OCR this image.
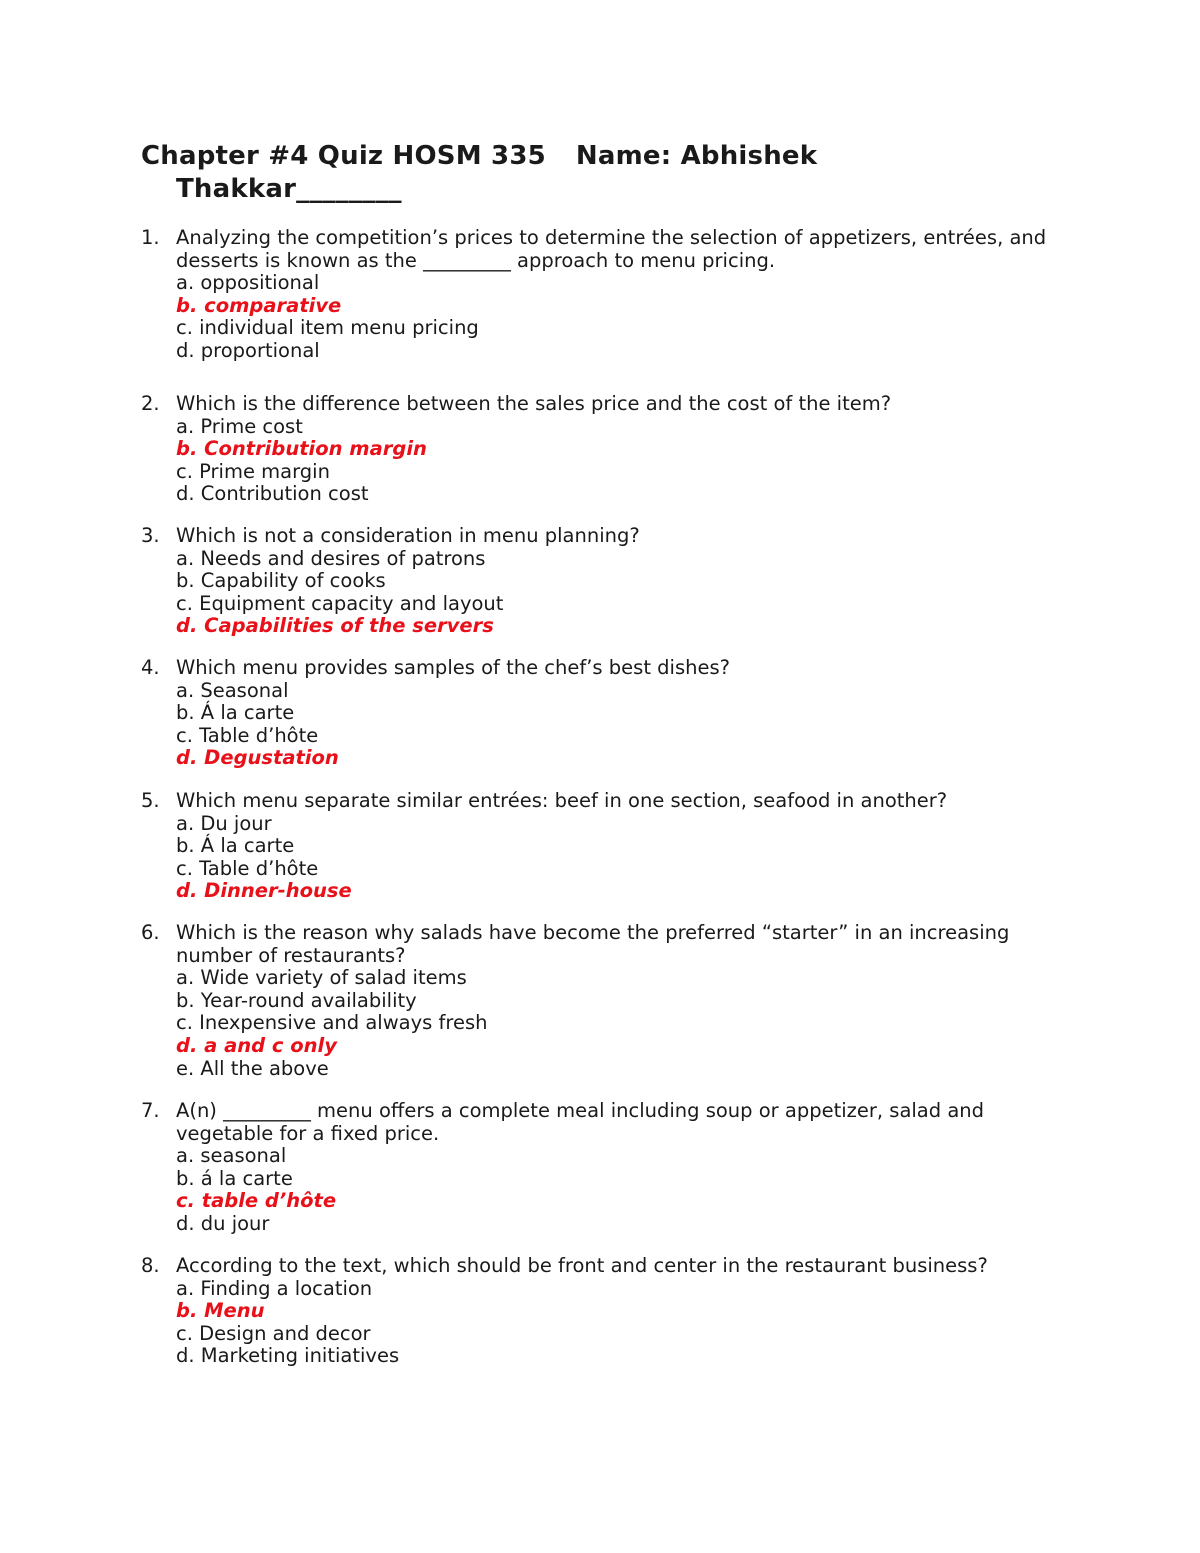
Chapter #4 Quiz HOSM 335 Name: Abhishek
Thakkar________
1. Analyzing the competition’s prices to determine the selection of appetizers, entrées, and desserts is known as the _________ approach to menu pricing.
a. oppositional
b. comparative
c. individual item menu pricing
d. proportional
2. Which is the difference between the sales price and the cost of the item?
a. Prime cost
b. Contribution margin
c. Prime margin
d. Contribution cost
3. Which is not a consideration in menu planning?
a. Needs and desires of patrons
b. Capability of cooks
c. Equipment capacity and layout
d. Capabilities of the servers
4. Which menu provides samples of the chef’s best dishes?
a. Seasonal
b. Á la carte
c. Table d’hôte
d. Degustation
5. Which menu separate similar entrées: beef in one section, seafood in another?
a. Du jour
b. Á la carte
c. Table d’hôte
d. Dinner-house
6. Which is the reason why salads have become the preferred “starter” in an increasing number of restaurants?
a. Wide variety of salad items
b. Year-round availability
c. Inexpensive and always fresh
d. a and c only
e. All the above
7. A(n) _________ menu offers a complete meal including soup or appetizer, salad and vegetable for a fixed price.
a. seasonal
b. á la carte
c. table d’hôte
d. du jour
8. According to the text, which should be front and center in the restaurant business?
a. Finding a location
b. Menu
c. Design and decor
d. Marketing initiatives
